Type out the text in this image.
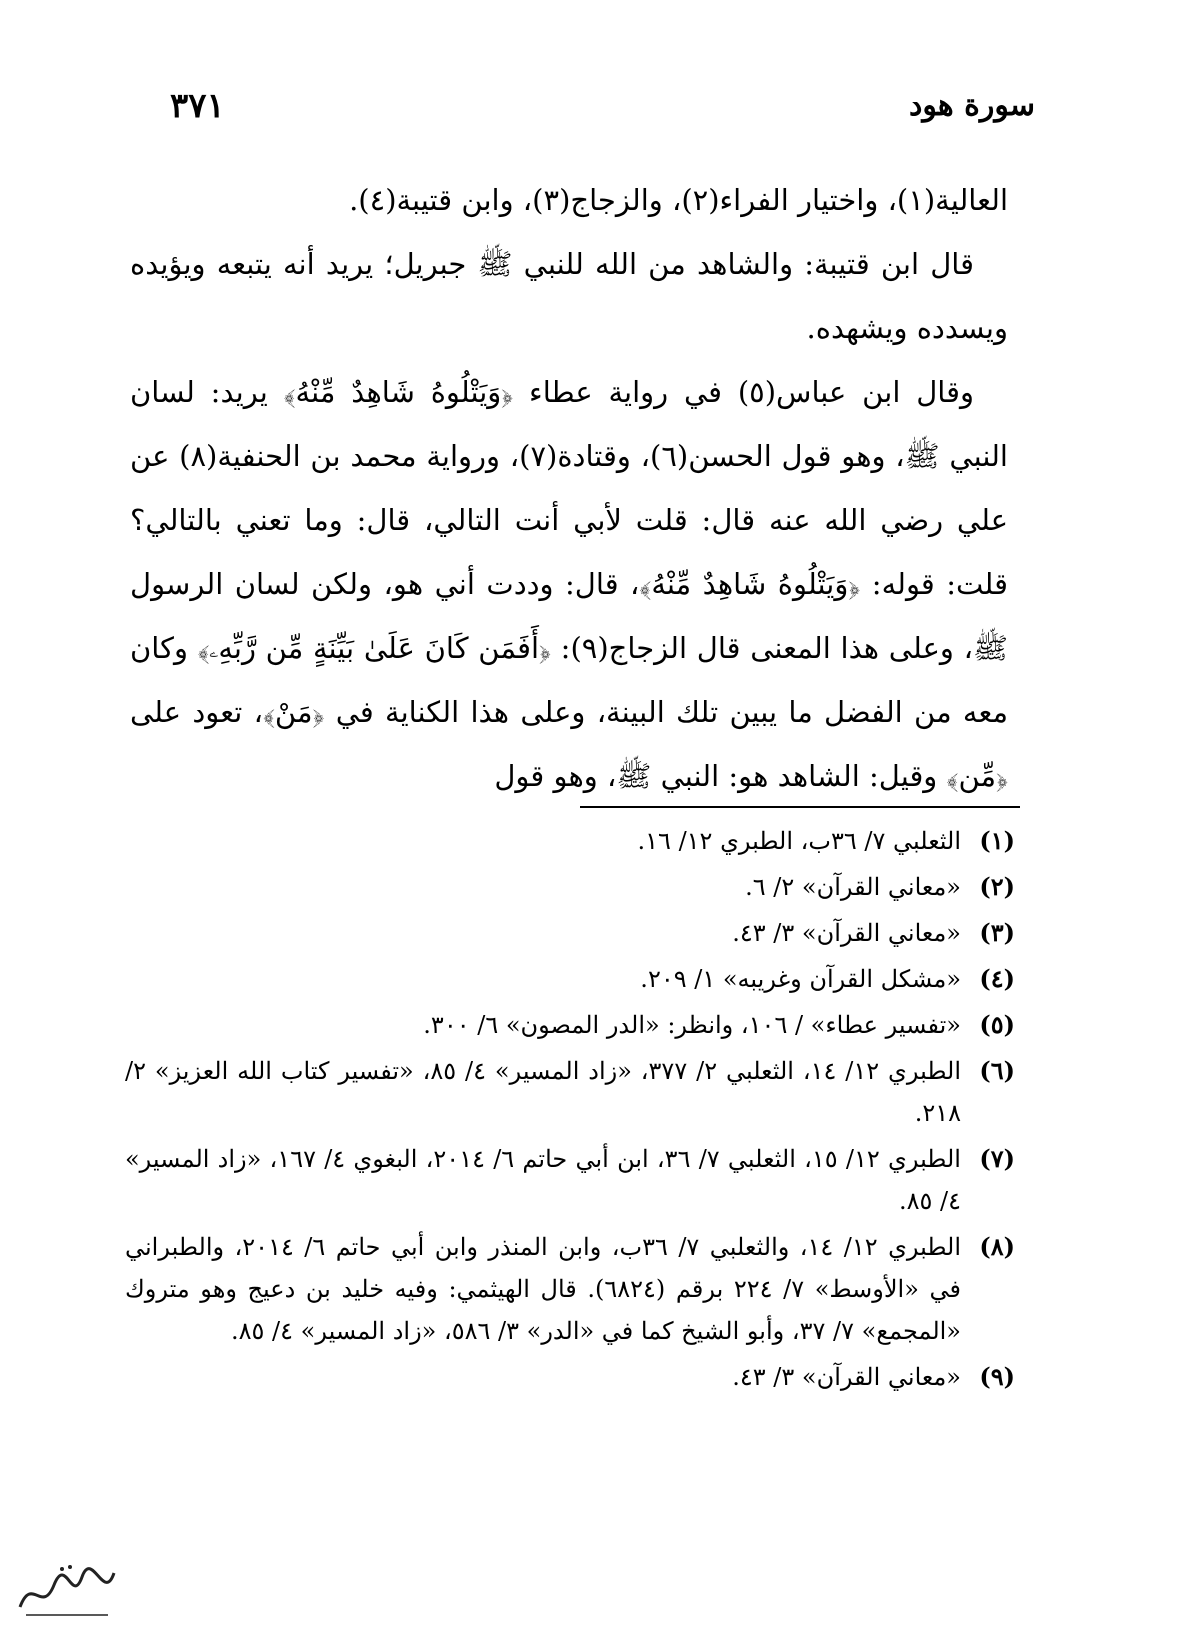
سورة هود
٣٧١

العالية(١)، واختيار الفراء(٢)، والزجاج(٣)، وابن قتيبة(٤).

قال ابن قتيبة: والشاهد من الله للنبي ﷺ جبريل؛ يريد أنه يتبعه ويؤيده ويسدده ويشهده.

وقال ابن عباس(٥) في رواية عطاء ﴿وَيَتْلُوهُ شَاهِدٌ مِّنْهُ﴾ يريد: لسان النبي ﷺ، وهو قول الحسن(٦)، وقتادة(٧)، ورواية محمد بن الحنفية(٨) عن علي رضي الله عنه قال: قلت لأبي أنت التالي، قال: وما تعني بالتالي؟ قلت: قوله: ﴿وَيَتْلُوهُ شَاهِدٌ مِّنْهُ﴾، قال: وددت أني هو، ولكن لسان الرسول ﷺ، وعلى هذا المعنى قال الزجاج(٩): ﴿أَفَمَن كَانَ عَلَىٰ بَيِّنَةٍ مِّن رَّبِّهِۦ﴾ وكان معه من الفضل ما يبين تلك البينة، وعلى هذا الكناية في ﴿مَنْ﴾، تعود على ﴿مِّن﴾ وقيل: الشاهد هو: النبي ﷺ، وهو قول

(١)
الثعلبي ٧/ ٣٦ب، الطبري ١٢/ ١٦.
(٢)
«معاني القرآن» ٢/ ٦.
(٣)
«معاني القرآن» ٣/ ٤٣.
(٤)
«مشكل القرآن وغريبه» ١/ ٢٠٩.
(٥)
«تفسير عطاء» / ١٠٦، وانظر: «الدر المصون» ٦/ ٣٠٠.
(٦)
الطبري ١٢/ ١٤، الثعلبي ٢/ ٣٧٧، «زاد المسير» ٤/ ٨٥، «تفسير كتاب الله العزيز» ٢/ ٢١٨.
(٧)
الطبري ١٢/ ١٥، الثعلبي ٧/ ٣٦، ابن أبي حاتم ٦/ ٢٠١٤، البغوي ٤/ ١٦٧، «زاد المسير» ٤/ ٨٥.
(٨)
الطبري ١٢/ ١٤، والثعلبي ٧/ ٣٦ب، وابن المنذر وابن أبي حاتم ٦/ ٢٠١٤، والطبراني في «الأوسط» ٧/ ٢٢٤ برقم (٦٨٢٤). قال الهيثمي: وفيه خليد بن دعيج وهو متروك «المجمع» ٧/ ٣٧، وأبو الشيخ كما في «الدر» ٣/ ٥٨٦، «زاد المسير» ٤/ ٨٥.
(٩)
«معاني القرآن» ٣/ ٤٣.
